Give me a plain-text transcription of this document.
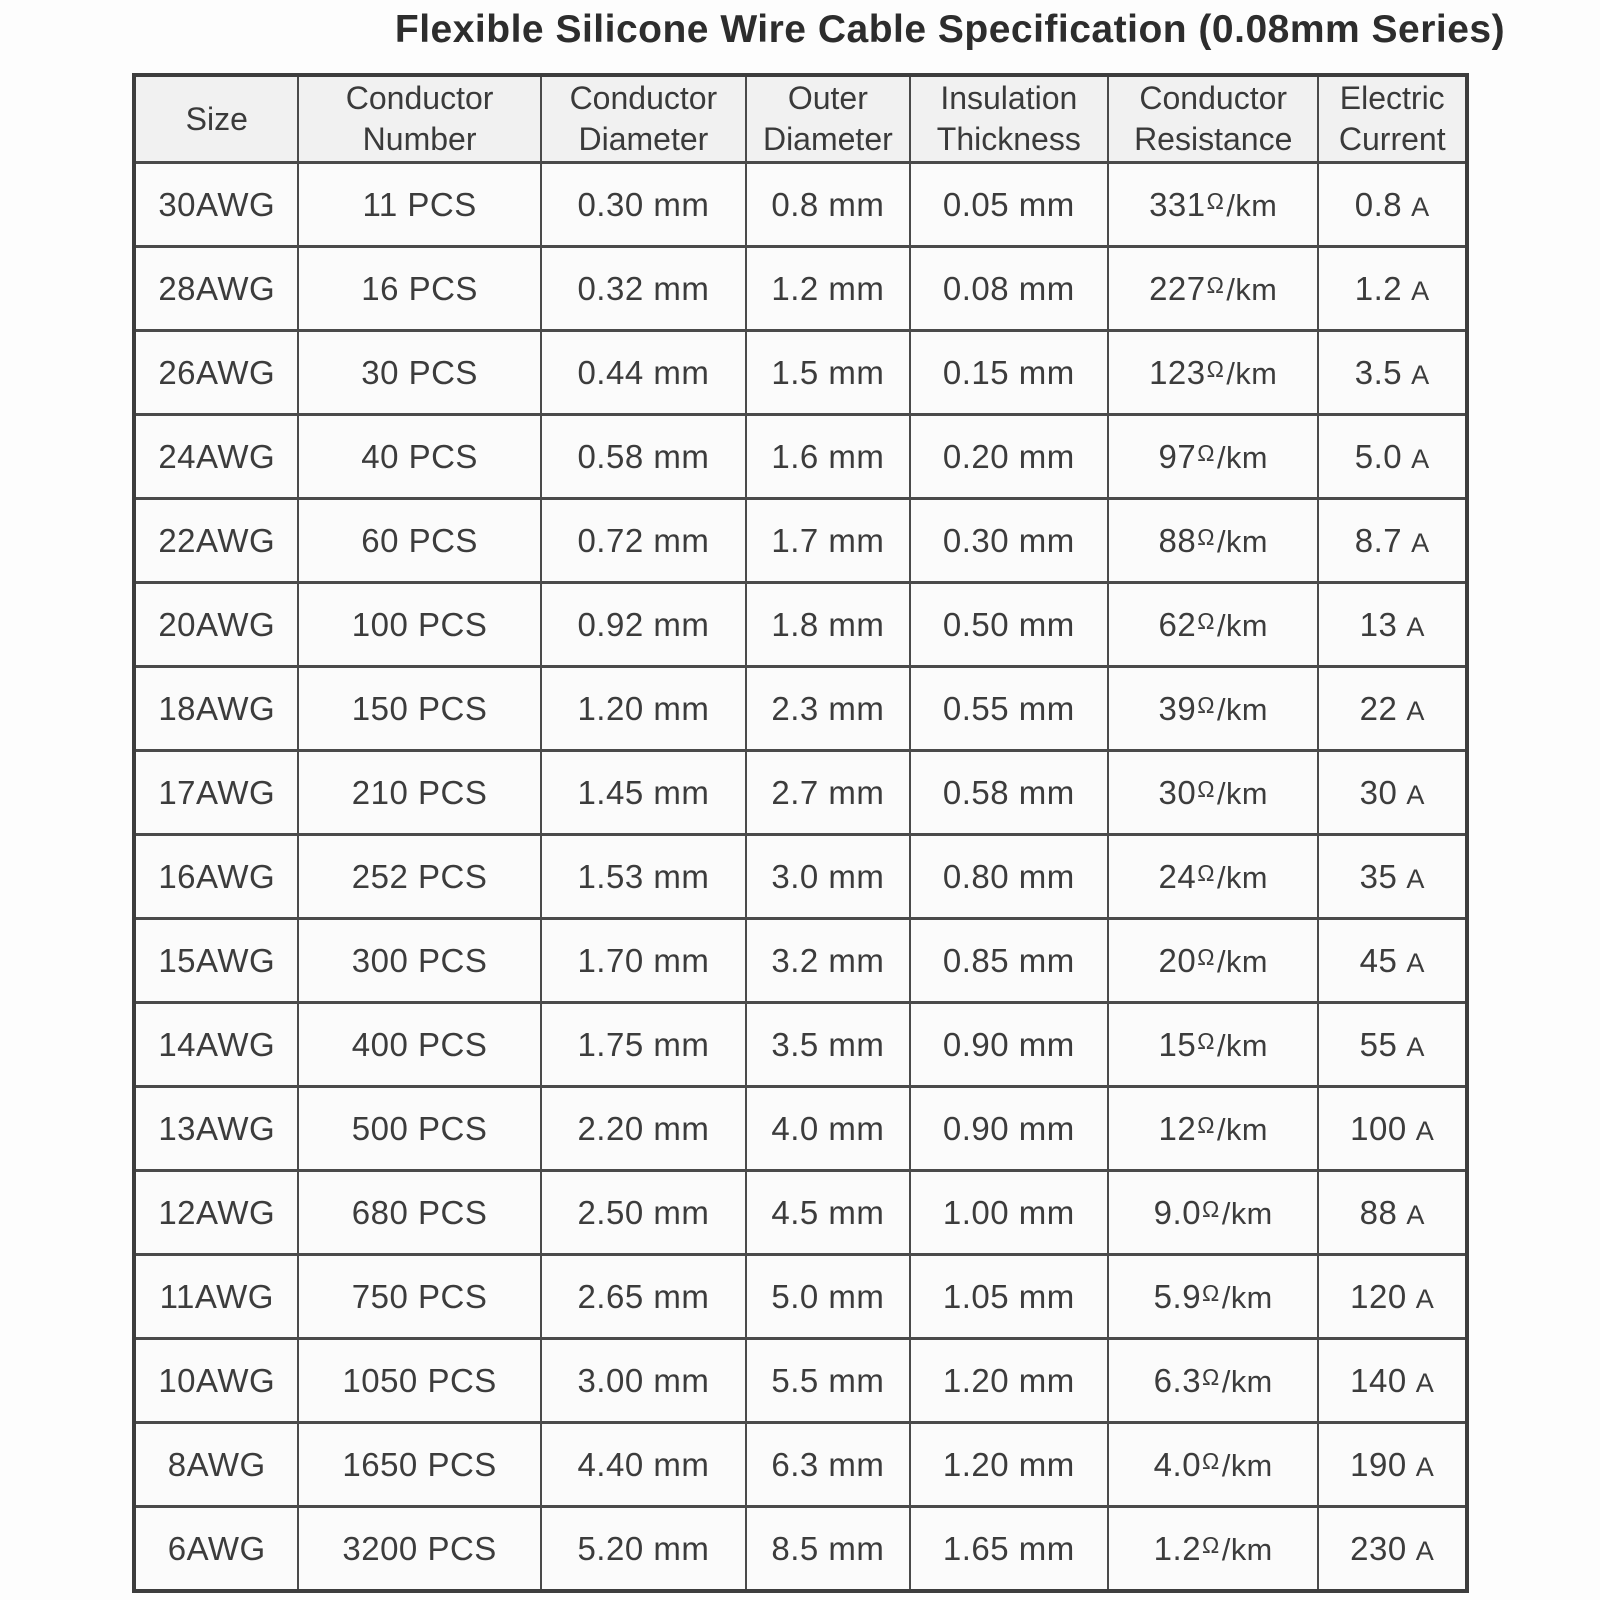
Flexible Silicone Wire Cable Specification (0.08mm Series)
Size	Conductor Number	Conductor Diameter	Outer Diameter	Insulation Thickness	Conductor Resistance	Electric Current
30AWG	11 PCS	0.30 mm	0.8 mm	0.05 mm	$331^\Omega/km$	0.8 A
28AWG	16 PCS	0.32 mm	1.2 mm	0.08 mm	$227^\Omega/km$	1.2 A
26AWG	30 PCS	0.44 mm	1.5 mm	0.15 mm	$123^\Omega/km$	3.5 A
24AWG	40 PCS	0.58 mm	1.6 mm	0.20 mm	$97^\Omega/km$	5.0 A
22AWG	60 PCS	0.72 mm	1.7 mm	0.30 mm	$88^\Omega/km$	8.7 A
20AWG	100 PCS	0.92 mm	1.8 mm	0.50 mm	$62^\Omega/km$	13 A
18AWG	150 PCS	1.20 mm	2.3 mm	0.55 mm	$39^\Omega/km$	22 A
17AWG	210 PCS	1.45 mm	2.7 mm	0.58 mm	$30^\Omega/km$	30 A
16AWG	252 PCS	1.53 mm	3.0 mm	0.80 mm	$24^\Omega/km$	35 A
15AWG	300 PCS	1.70 mm	3.2 mm	0.85 mm	$20^\Omega/km$	45 A
14AWG	400 PCS	1.75 mm	3.5 mm	0.90 mm	$15^\Omega/km$	55 A
13AWG	500 PCS	2.20 mm	4.0 mm	0.90 mm	$12^\Omega/km$	100 A
12AWG	680 PCS	2.50 mm	4.5 mm	1.00 mm	$9.0^\Omega/km$	88 A
11AWG	750 PCS	2.65 mm	5.0 mm	1.05 mm	$5.9^\Omega/km$	120 A
10AWG	1050 PCS	3.00 mm	5.5 mm	1.20 mm	$6.3^\Omega/km$	140 A
8AWG	1650 PCS	4.40 mm	6.3 mm	1.20 mm	$4.0^\Omega/km$	190 A
6AWG	3200 PCS	5.20 mm	8.5 mm	1.65 mm	$1.2^\Omega/km$	230 A
